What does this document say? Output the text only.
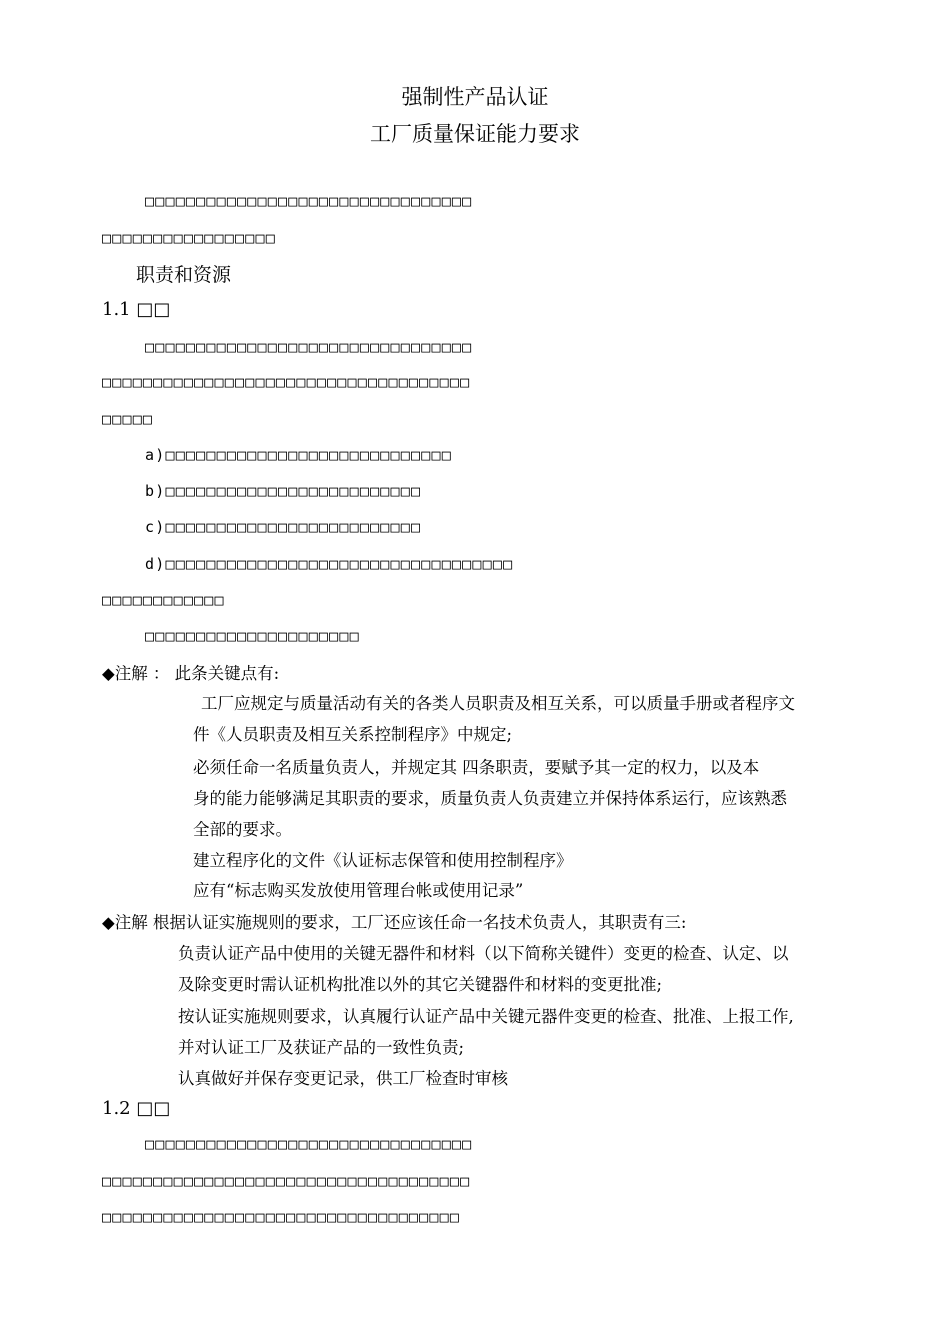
强制性产品认证
工厂质量保证能力要求
□□□□□□□□□□□□□□□□□□□□□□□□□□□□□□□□
□□□□□□□□□□□□□□□□□
职责和资源
1.1 □□
□□□□□□□□□□□□□□□□□□□□□□□□□□□□□□□□
□□□□□□□□□□□□□□□□□□□□□□□□□□□□□□□□□□□□
□□□□□
a)□□□□□□□□□□□□□□□□□□□□□□□□□□□□
b)□□□□□□□□□□□□□□□□□□□□□□□□□
c)□□□□□□□□□□□□□□□□□□□□□□□□□
d)□□□□□□□□□□□□□□□□□□□□□□□□□□□□□□□□□□
□□□□□□□□□□□□
□□□□□□□□□□□□□□□□□□□□□
◆注解 ： 此条关键点有:
工厂应规定与质量活动有关的各类人员职责及相互关系，可以质量手册或者程序文
件《人员职责及相互关系控制程序》中规定;
必须任命一名质量负责人，并规定其 四条职责，要赋予其一定的权力，以及本
身的能力能够满足其职责的要求，质量负责人负责建立并保持体系运行，应该熟悉
全部的要求。
建立程序化的文件《认证标志保管和使用控制程序》
应有“标志购买发放使用管理台帐或使用记录”
◆注解 根据认证实施规则的要求，工厂还应该任命一名技术负责人，其职责有三:
负责认证产品中使用的关键无器件和材料（以下简称关键件）变更的检查、认定、以
及除变更时需认证机构批准以外的其它关键器件和材料的变更批准;
按认证实施规则要求，认真履行认证产品中关键元器件变更的检查、批准、上报工作,
并对认证工厂及获证产品的一致性负责;
认真做好并保存变更记录，供工厂检查时审核
1.2 □□
□□□□□□□□□□□□□□□□□□□□□□□□□□□□□□□□
□□□□□□□□□□□□□□□□□□□□□□□□□□□□□□□□□□□□
□□□□□□□□□□□□□□□□□□□□□□□□□□□□□□□□□□□
